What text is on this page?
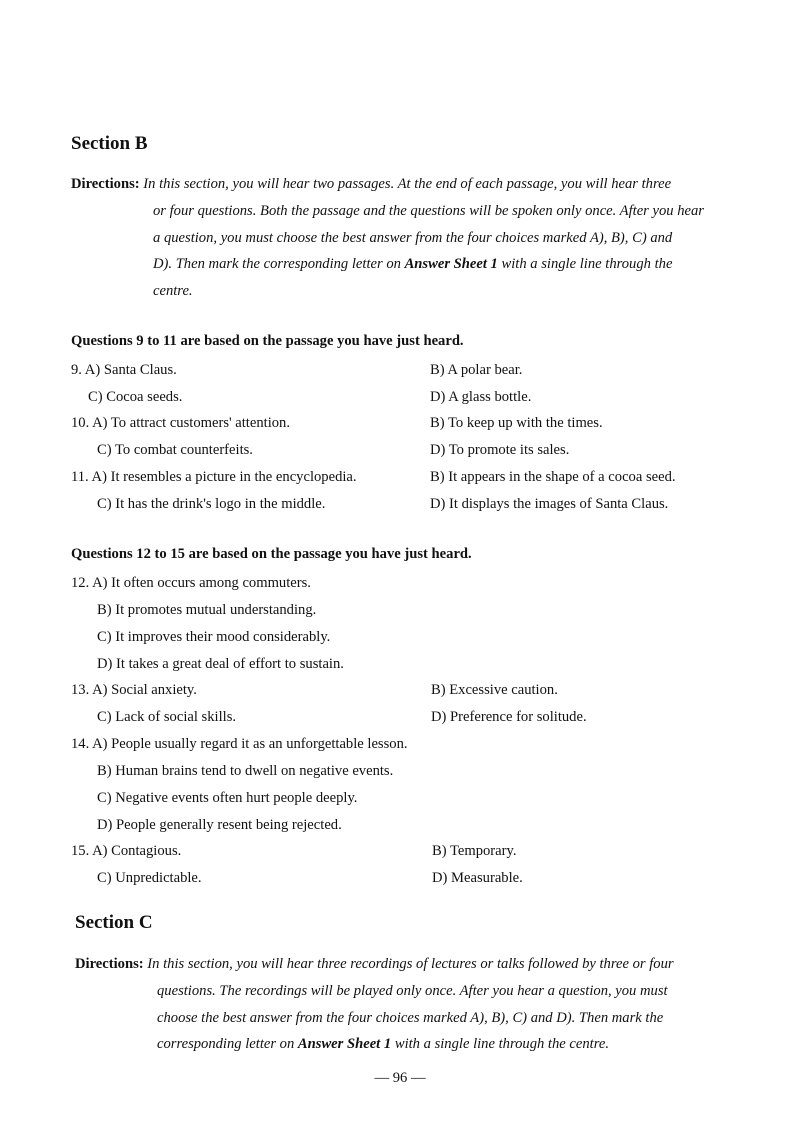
Section B
Directions: In this section, you will hear two passages. At the end of each passage, you will hear three
or four questions. Both the passage and the questions will be spoken only once. After you hear
a question, you must choose the best answer from the four choices marked A), B), C) and
D). Then mark the corresponding letter on Answer Sheet 1 with a single line through the
centre.

Questions 9 to 11 are based on the passage you have just heard.

9. A) Santa Claus.	B) A polar bear.
C) Cocoa seeds.	D) A glass bottle.
10. A) To attract customers' attention.	B) To keep up with the times.
C) To combat counterfeits.	D) To promote its sales.
11. A) It resembles a picture in the encyclopedia.	B) It appears in the shape of a cocoa seed.
C) It has the drink's logo in the middle.	D) It displays the images of Santa Claus.

Questions 12 to 15 are based on the passage you have just heard.

12. A) It often occurs among commuters.
B) It promotes mutual understanding.
C) It improves their mood considerably.
D) It takes a great deal of effort to sustain.
13. A) Social anxiety.	B) Excessive caution.
C) Lack of social skills.	D) Preference for solitude.
14. A) People usually regard it as an unforgettable lesson.
B) Human brains tend to dwell on negative events.
C) Negative events often hurt people deeply.
D) People generally resent being rejected.
15. A) Contagious.	B) Temporary.
C) Unpredictable.	D) Measurable.
Section C
Directions: In this section, you will hear three recordings of lectures or talks followed by three or four
questions. The recordings will be played only once. After you hear a question, you must
choose the best answer from the four choices marked A), B), C) and D). Then mark the
corresponding letter on Answer Sheet 1 with a single line through the centre.
— 96 —
